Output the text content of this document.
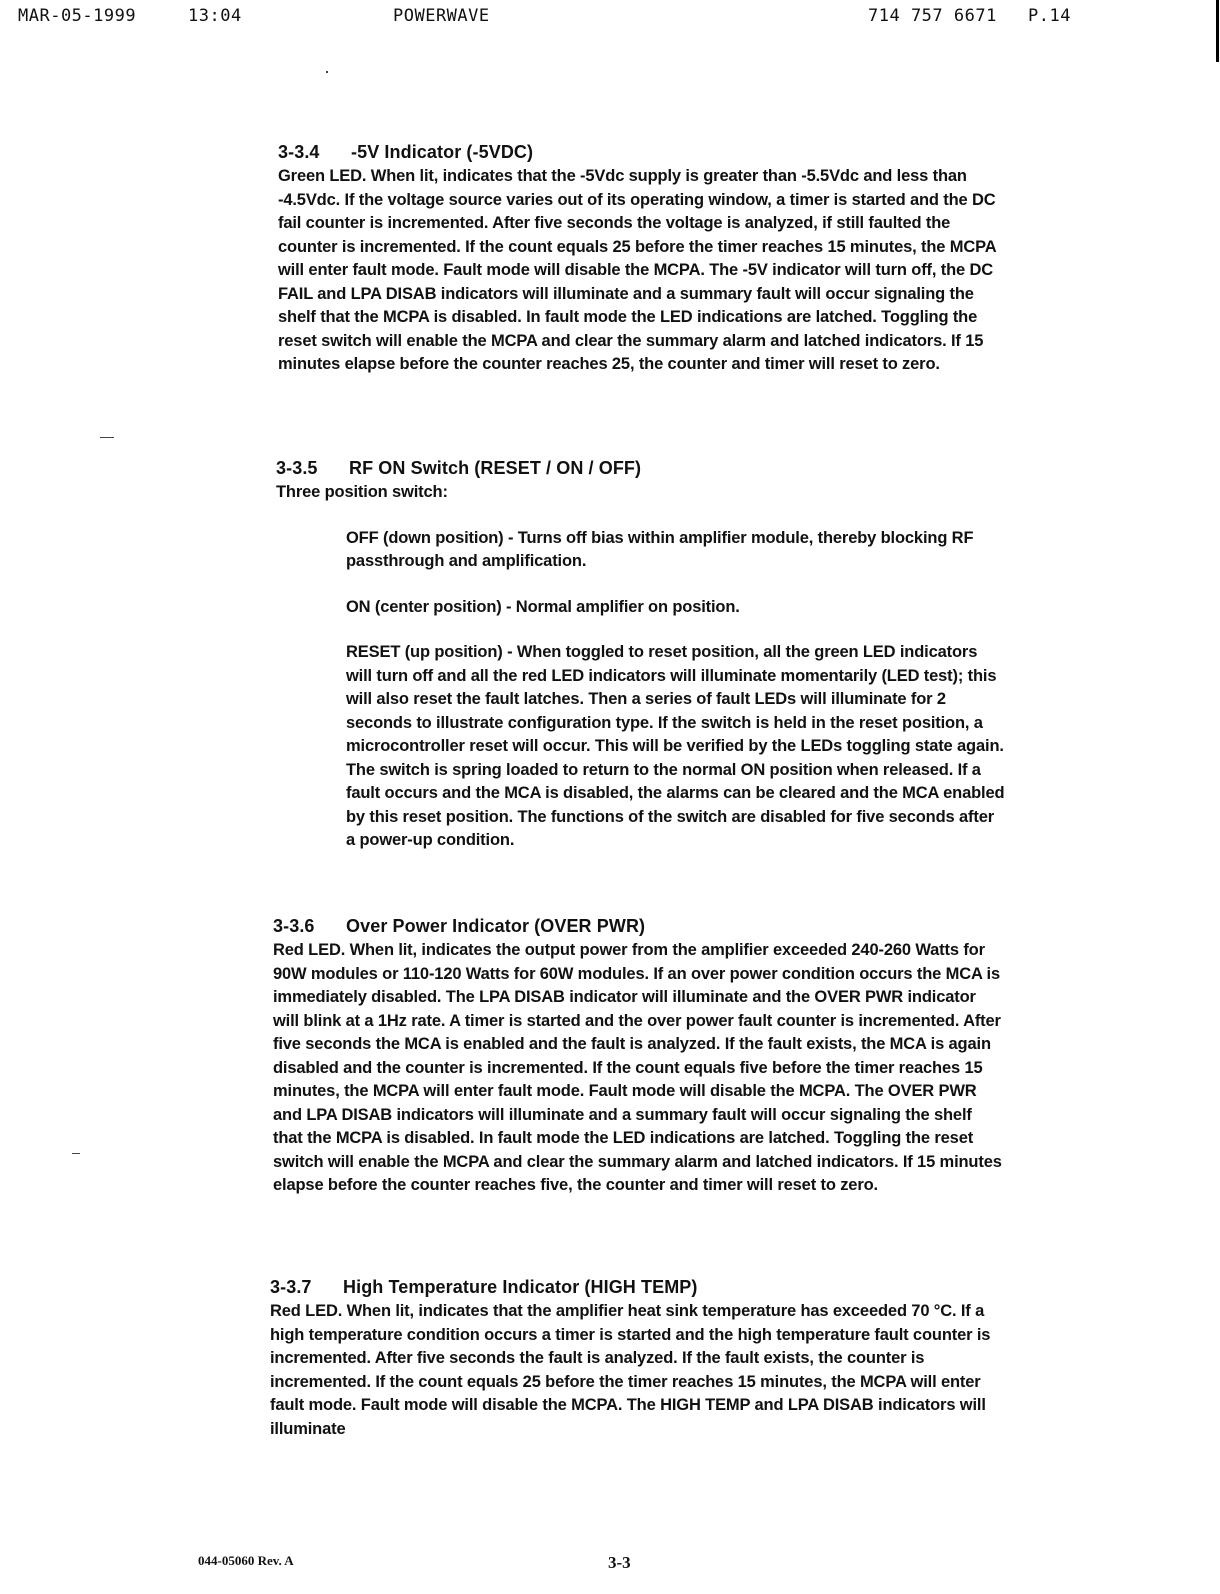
MAR-05-1999	13:04	POWERWAVE	714 757 6671 P.14
3-3.4	-5V Indicator (-5VDC)

Green LED. When lit, indicates that the -5Vdc supply is greater than -5.5Vdc and less than -4.5Vdc. If the voltage source varies out of its operating window, a timer is started and the DC fail counter is incremented. After five seconds the voltage is analyzed, if still faulted the counter is incremented. If the count equals 25 before the timer reaches 15 minutes, the MCPA will enter fault mode. Fault mode will disable the MCPA. The -5V indicator will turn off, the DC FAIL and LPA DISAB indicators will illuminate and a summary fault will occur signaling the shelf that the MCPA is disabled. In fault mode the LED indications are latched. Toggling the reset switch will enable the MCPA and clear the summary alarm and latched indicators. If 15 minutes elapse before the counter reaches 25, the counter and timer will reset to zero.

3-3.5	RF ON Switch (RESET / ON / OFF)

Three position switch:

OFF (down position) - Turns off bias within amplifier module, thereby blocking RF passthrough and amplification.

ON (center position) - Normal amplifier on position.

RESET (up position) - When toggled to reset position, all the green LED indicators will turn off and all the red LED indicators will illuminate momentarily (LED test); this will also reset the fault latches. Then a series of fault LEDs will illuminate for 2 seconds to illustrate configuration type. If the switch is held in the reset position, a microcontroller reset will occur. This will be verified by the LEDs toggling state again. The switch is spring loaded to return to the normal ON position when released. If a fault occurs and the MCA is disabled, the alarms can be cleared and the MCA enabled by this reset position. The functions of the switch are disabled for five seconds after a power-up condition.

3-3.6	Over Power Indicator (OVER PWR)

Red LED. When lit, indicates the output power from the amplifier exceeded 240-260 Watts for 90W modules or 110-120 Watts for 60W modules. If an over power condition occurs the MCA is immediately disabled. The LPA DISAB indicator will illuminate and the OVER PWR indicator will blink at a 1Hz rate. A timer is started and the over power fault counter is incremented. After five seconds the MCA is enabled and the fault is analyzed. If the fault exists, the MCA is again disabled and the counter is incremented. If the count equals five before the timer reaches 15 minutes, the MCPA will enter fault mode. Fault mode will disable the MCPA. The OVER PWR and LPA DISAB indicators will illuminate and a summary fault will occur signaling the shelf that the MCPA is disabled. In fault mode the LED indications are latched. Toggling the reset switch will enable the MCPA and clear the summary alarm and latched indicators. If 15 minutes elapse before the counter reaches five, the counter and timer will reset to zero.

3-3.7	High Temperature Indicator (HIGH TEMP)

Red LED. When lit, indicates that the amplifier heat sink temperature has exceeded 70 °C. If a high temperature condition occurs a timer is started and the high temperature fault counter is incremented. After five seconds the fault is analyzed. If the fault exists, the counter is incremented. If the count equals 25 before the timer reaches 15 minutes, the MCPA will enter fault mode. Fault mode will disable the MCPA. The HIGH TEMP and LPA DISAB indicators will illuminate

044-05060 Rev. A	3-3
